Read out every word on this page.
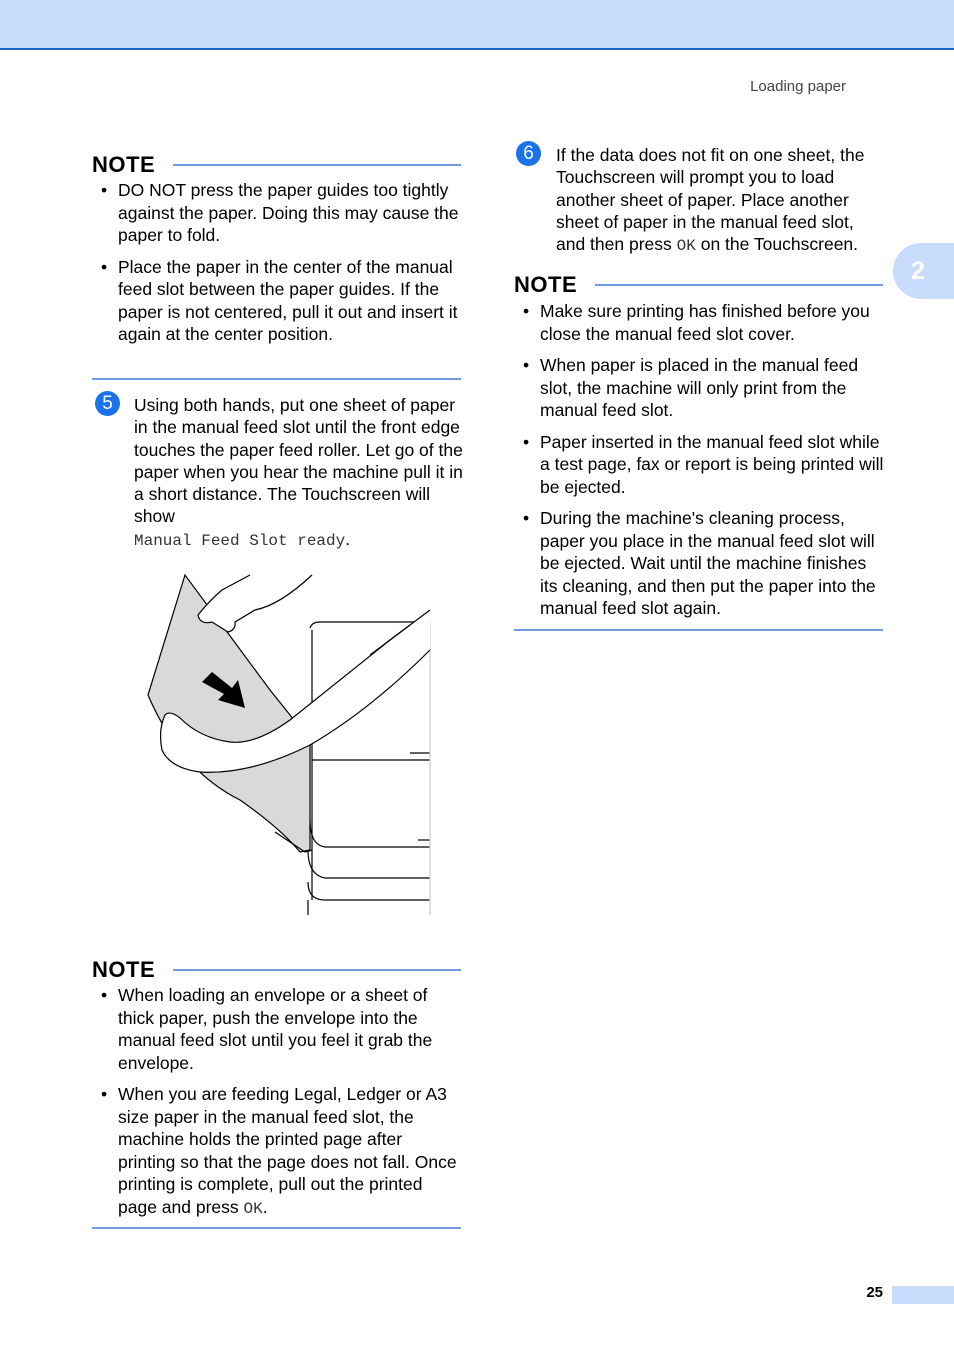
Loading paper
2
NOTE
• DO NOT press the paper guides too tightly against the paper. Doing this may cause the paper to fold.
• Place the paper in the center of the manual feed slot between the paper guides. If the paper is not centered, pull it out and insert it again at the center position.
5	Using both hands, put one sheet of paper in the manual feed slot until the front edge touches the paper feed roller. Let go of the paper when you hear the machine pull it in a short distance. The Touchscreen will show
Manual Feed Slot ready.
NOTE
• When loading an envelope or a sheet of thick paper, push the envelope into the manual feed slot until you feel it grab the envelope.
• When you are feeding Legal, Ledger or A3 size paper in the manual feed slot, the machine holds the printed page after printing so that the page does not fall. Once printing is complete, pull out the printed page and press OK.
6	If the data does not fit on one sheet, the Touchscreen will prompt you to load another sheet of paper. Place another sheet of paper in the manual feed slot, and then press OK on the Touchscreen.
NOTE
• Make sure printing has finished before you close the manual feed slot cover.
• When paper is placed in the manual feed slot, the machine will only print from the manual feed slot.
• Paper inserted in the manual feed slot while a test page, fax or report is being printed will be ejected.
• During the machine's cleaning process, paper you place in the manual feed slot will be ejected. Wait until the machine finishes its cleaning, and then put the paper into the manual feed slot again.
25
